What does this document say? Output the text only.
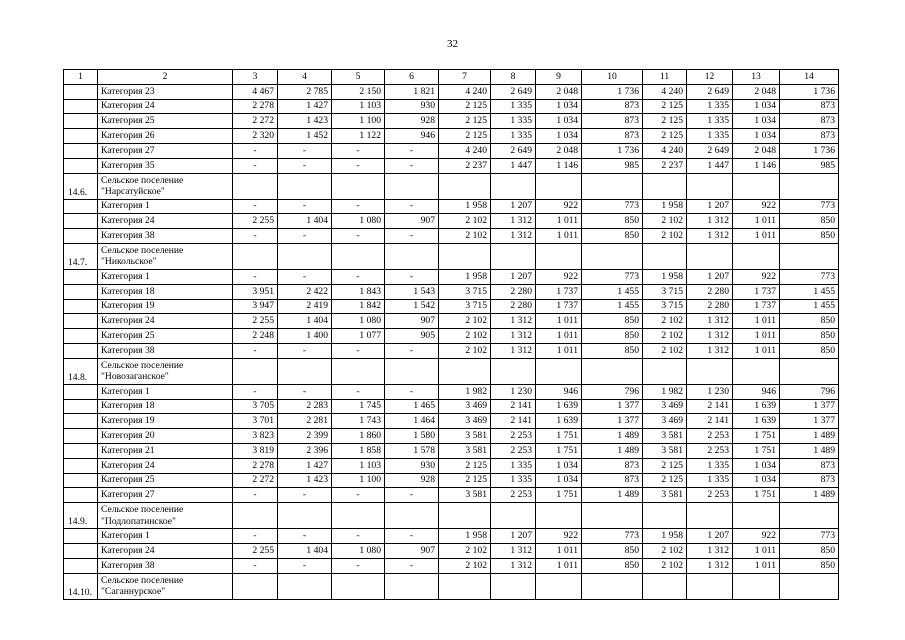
32
1	2	3	4	5	6	7	8	9	10	11	12	13	14
	Категория 23	4 467	2 785	2 150	1 821	4 240	2 649	2 048	1 736	4 240	2 649	2 048	1 736
	Категория 24	2 278	1 427	1 103	930	2 125	1 335	1 034	873	2 125	1 335	1 034	873
	Категория 25	2 272	1 423	1 100	928	2 125	1 335	1 034	873	2 125	1 335	1 034	873
	Категория 26	2 320	1 452	1 122	946	2 125	1 335	1 034	873	2 125	1 335	1 034	873
	Категория 27	-	-	-	-	4 240	2 649	2 048	1 736	4 240	2 649	2 048	1 736
	Категория 35	-	-	-	-	2 237	1 447	1 146	985	2 237	1 447	1 146	985
14.6.	Сельское поселение
"Нарсатуйское"												

	Категория 1	-	-	-	-	1 958	1 207	922	773	1 958	1 207	922	773
	Категория 24	2 255	1 404	1 080	907	2 102	1 312	1 011	850	2 102	1 312	1 011	850
	Категория 38	-	-	-	-	2 102	1 312	1 011	850	2 102	1 312	1 011	850
14.7.	Сельское поселение
"Никольское"												

	Категория 1	-	-	-	-	1 958	1 207	922	773	1 958	1 207	922	773
	Категория 18	3 951	2 422	1 843	1 543	3 715	2 280	1 737	1 455	3 715	2 280	1 737	1 455
	Категория 19	3 947	2 419	1 842	1 542	3 715	2 280	1 737	1 455	3 715	2 280	1 737	1 455
	Категория 24	2 255	1 404	1 080	907	2 102	1 312	1 011	850	2 102	1 312	1 011	850
	Категория 25	2 248	1 400	1 077	905	2 102	1 312	1 011	850	2 102	1 312	1 011	850
	Категория 38	-	-	-	-	2 102	1 312	1 011	850	2 102	1 312	1 011	850
14.8.	Сельское поселение
"Новозаганское"												

	Категория 1	-	-	-	-	1 982	1 230	946	796	1 982	1 230	946	796
	Категория 18	3 705	2 283	1 745	1 465	3 469	2 141	1 639	1 377	3 469	2 141	1 639	1 377
	Категория 19	3 701	2 281	1 743	1 464	3 469	2 141	1 639	1 377	3 469	2 141	1 639	1 377
	Категория 20	3 823	2 399	1 860	1 580	3 581	2 253	1 751	1 489	3 581	2 253	1 751	1 489
	Категория 21	3 819	2 396	1 858	1 578	3 581	2 253	1 751	1 489	3 581	2 253	1 751	1 489
	Категория 24	2 278	1 427	1 103	930	2 125	1 335	1 034	873	2 125	1 335	1 034	873
	Категория 25	2 272	1 423	1 100	928	2 125	1 335	1 034	873	2 125	1 335	1 034	873
	Категория 27	-	-	-	-	3 581	2 253	1 751	1 489	3 581	2 253	1 751	1 489
14.9.	Сельское поселение
"Подлопатинское"												

	Категория 1	-	-	-	-	1 958	1 207	922	773	1 958	1 207	922	773
	Категория 24	2 255	1 404	1 080	907	2 102	1 312	1 011	850	2 102	1 312	1 011	850
	Категория 38	-	-	-	-	2 102	1 312	1 011	850	2 102	1 312	1 011	850
14.10.	Сельское поселение
"Саганнурское"												
